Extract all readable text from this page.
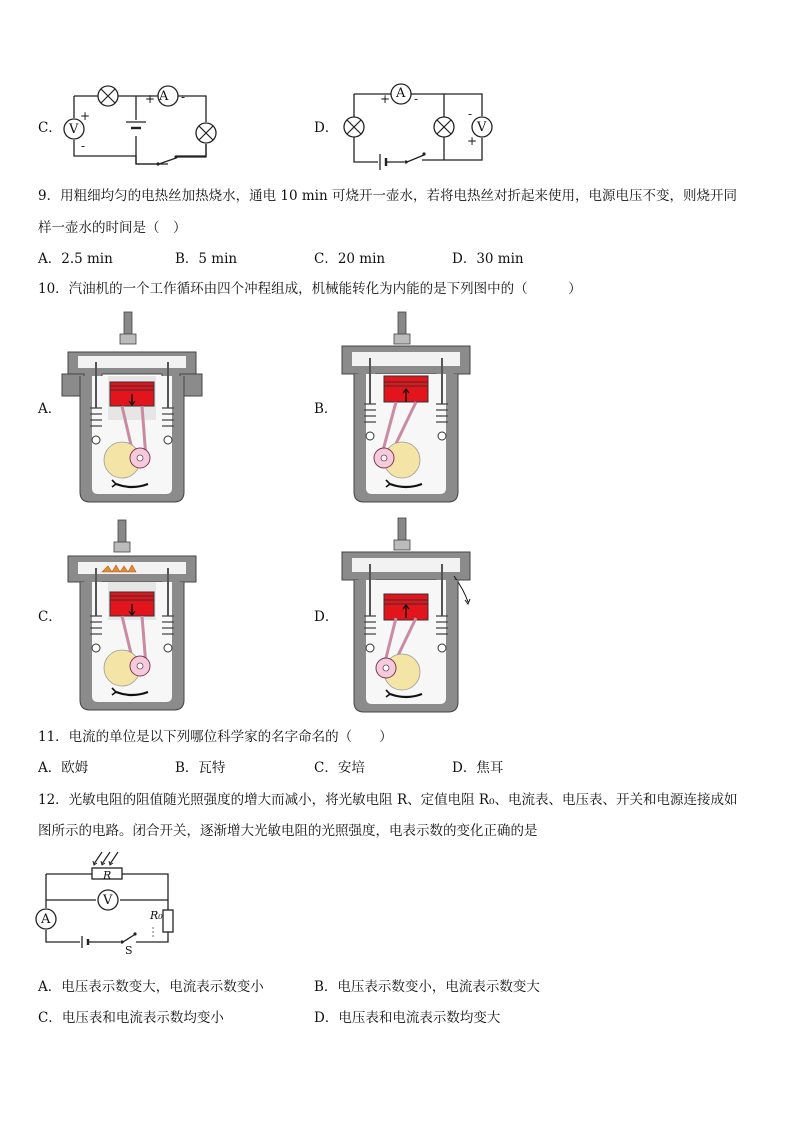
C．
A
+ -
V
+
-
D．
A
+ -
V
-
+
9．用粗细均匀的电热丝加热烧水，通电 10 min 可烧开一壶水，若将电热丝对折起来使用，电源电压不变，则烧开同
样一壶水的时间是（　）
A．2.5 min	B．5 min	C．20 min	D．30 min
10．汽油机的一个工作循环由四个冲程组成，机械能转化为内能的是下列图中的（　　　）
A．	B．
C．	D．
11．电流的单位是以下列哪位科学家的名字命名的（　　）
A．欧姆	B．瓦特	C．安培	D．焦耳
12．光敏电阻的阻值随光照强度的增大而减小，将光敏电阻 R、定值电阻 R₀、电流表、电压表、开关和电源连接成如
图所示的电路。闭合开关，逐渐增大光敏电阻的光照强度，电表示数的变化正确的是
R
V
A	R₀
S
A．电压表示数变大，电流表示数变小	B．电压表示数变小，电流表示数变大
C．电压表和电流表示数均变小	D．电压表和电流表示数均变大
